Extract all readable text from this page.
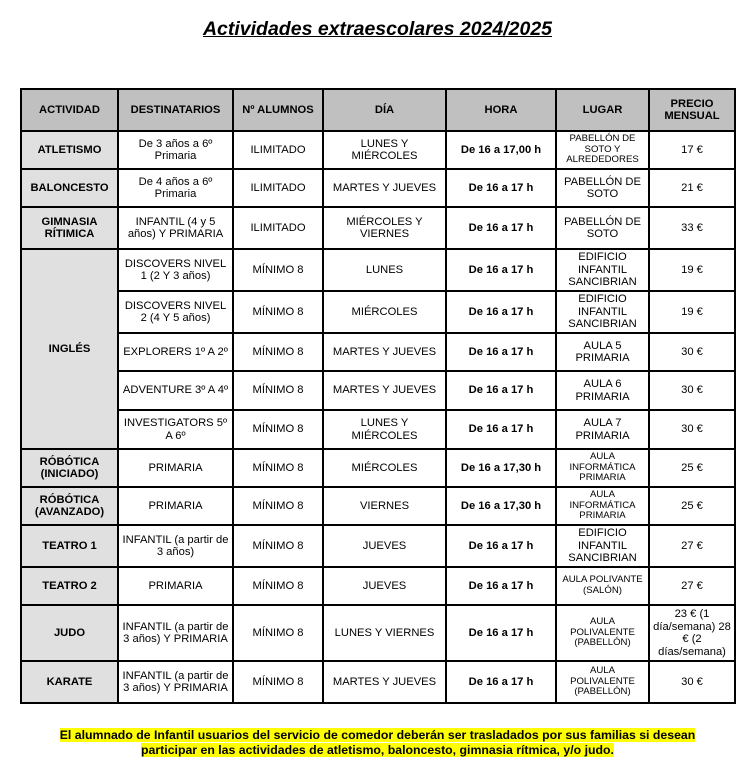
Actividades extraescolares 2024/2025
ACTIVIDAD	DESTINATARIOS	Nº ALUMNOS	DÍA	HORA	LUGAR	PRECIO MENSUAL
ATLETISMO	De 3 años a 6º Primaria	ILIMITADO	LUNES Y MIÉRCOLES	De 16 a 17,00 h	PABELLÓN DE SOTO Y ALREDEDORES	17 €
BALONCESTO	De 4 años a 6º Primaria	ILIMITADO	MARTES Y JUEVES	De 16 a 17 h	PABELLÓN DE SOTO	21 €
GIMNASIA RÍTIMICA	INFANTIL (4 y 5 años) Y PRIMARIA	ILIMITADO	MIÉRCOLES Y VIERNES	De 16 a 17 h	PABELLÓN DE SOTO	33 €
INGLÉS	DISCOVERS NIVEL 1 (2 Y 3 años)	MÍNIMO 8	LUNES	De 16 a 17 h	EDIFICIO INFANTIL SANCIBRIAN	19 €
	DISCOVERS NIVEL 2 (4 Y 5 años)	MÍNIMO 8	MIÉRCOLES	De 16 a 17 h	EDIFICIO INFANTIL SANCIBRIAN	19 €
	EXPLORERS 1º A 2º	MÍNIMO 8	MARTES Y JUEVES	De 16 a 17 h	AULA 5 PRIMARIA	30 €
	ADVENTURE 3º A 4º	MÍNIMO 8	MARTES Y JUEVES	De 16 a 17 h	AULA 6 PRIMARIA	30 €
	INVESTIGATORS 5º A 6º	MÍNIMO 8	LUNES Y MIÉRCOLES	De 16 a 17 h	AULA 7 PRIMARIA	30 €
RÓBÓTICA (INICIADO)	PRIMARIA	MÍNIMO 8	MIÉRCOLES	De 16 a 17,30 h	AULA INFORMÁTICA PRIMARIA	25 €
RÓBÓTICA (AVANZADO)	PRIMARIA	MÍNIMO 8	VIERNES	De 16 a 17,30 h	AULA INFORMÁTICA PRIMARIA	25 €
TEATRO 1	INFANTIL (a partir de 3 años)	MÍNIMO 8	JUEVES	De 16 a 17 h	EDIFICIO INFANTIL SANCIBRIAN	27 €
TEATRO 2	PRIMARIA	MÍNIMO 8	JUEVES	De 16 a 17 h	AULA POLIVANTE (SALÓN)	27 €
JUDO	INFANTIL (a partir de 3 años) Y PRIMARIA	MÍNIMO 8	LUNES Y VIERNES	De 16 a 17 h	AULA POLIVALENTE (PABELLÓN)	23 € (1 día/semana) 28 € (2 días/semana)
KARATE	INFANTIL (a partir de 3 años) Y PRIMARIA	MÍNIMO 8	MARTES Y JUEVES	De 16 a 17 h	AULA POLIVALENTE (PABELLÓN)	30 €
El alumnado de Infantil usuarios del servicio de comedor deberán ser trasladados por sus familias si desean
participar en las actividades de atletismo, baloncesto, gimnasia rítmica, y/o judo.
